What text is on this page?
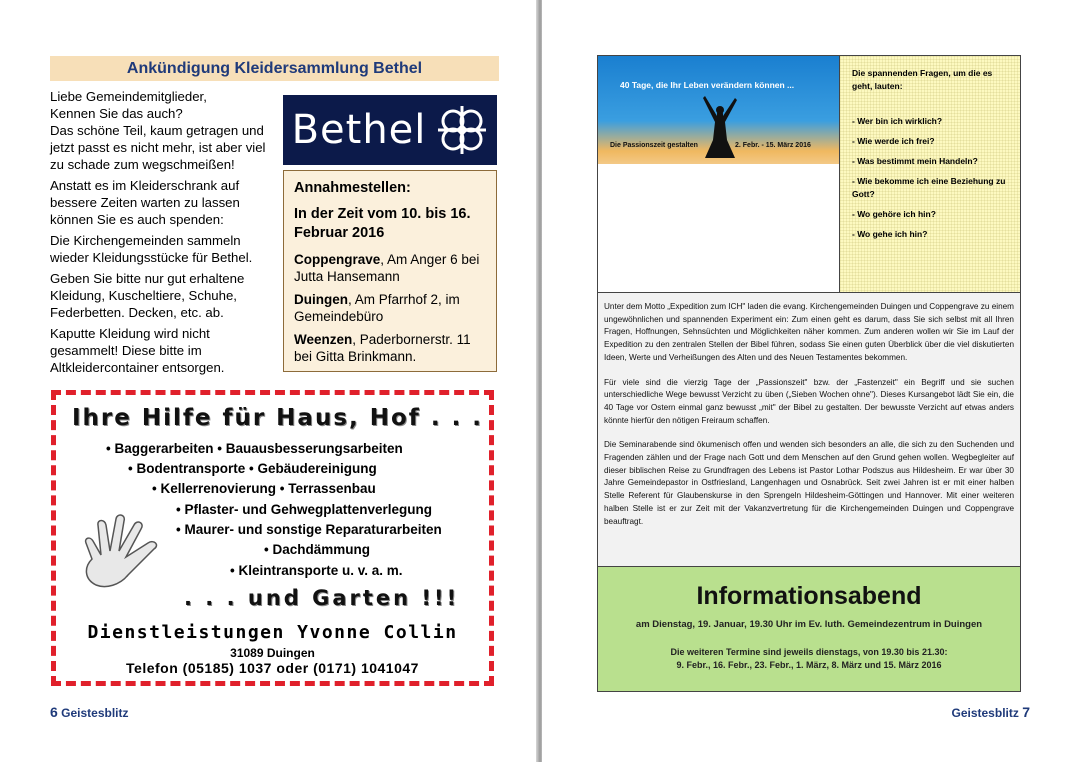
Ankündigung Kleidersammlung Bethel

Liebe Gemeindemitglieder,

Kennen Sie das auch?

Das schöne Teil, kaum getragen und jetzt passt es nicht mehr, ist aber viel zu schade zum wegschmeißen!

Anstatt es im Kleiderschrank auf bessere Zeiten warten zu lassen können Sie es auch spenden:

Die Kirchengemeinden sammeln wieder Kleidungsstücke für Bethel.

Geben Sie bitte nur gut erhaltene Kleidung, Kuscheltiere, Schuhe, Federbetten. Decken, etc. ab.

Kaputte Kleidung wird nicht gesammelt! Diese bitte im Altkleidercontainer entsorgen.

Bethel
Annahmestellen:
In der Zeit vom 10. bis 16. Februar 2016

Coppengrave, Am Anger 6 bei Jutta Hansemann

Duingen, Am Pfarrhof 2, im Gemeindebüro

Weenzen, Paderbornerstr. 11 bei Gitta Brinkmann.

Ihre Hilfe für Haus, Hof . . .
• Baggerarbeiten • Bauausbesserungsarbeiten
• Bodentransporte • Gebäudereinigung
• Kellerrenovierung • Terrassenbau
• Pflaster- und Gehwegplattenverlegung
• Maurer- und sonstige Reparaturarbeiten
• Dachdämmung
• Kleintransporte u. v. a. m.
. . . und Garten !!!
Dienstleistungen Yvonne Collin
31089 Duingen
Telefon (05185) 1037 oder (0171) 1041047
6 Geistesblitz
40 Tage, die Ihr Leben verändern können ...
Die Passionszeit gestalten	2. Febr. - 15. März 2016
Die spannenden Fragen, um die es geht, lauten:
- Wer bin ich wirklich?
- Wie werde ich frei?
- Was bestimmt mein Handeln?
- Wie bekomme ich eine Beziehung zu Gott?
- Wo gehöre ich hin?
- Wo gehe ich hin?

Unter dem Motto „Expedition zum ICH" laden die evang. Kirchengemeinden Duingen und Coppengrave zu einem ungewöhnlichen und spannenden Experiment ein: Zum einen geht es darum, dass Sie sich selbst mit all Ihren Fragen, Hoffnungen, Sehnsüchten und Möglichkeiten näher kommen. Zum anderen wollen wir Sie im Lauf der Expedition zu den zentralen Stellen der Bibel führen, sodass Sie einen guten Überblick über die viel diskutierten Ideen, Werte und Verheißungen des Alten und des Neuen Testamentes bekommen.

Für viele sind die vierzig Tage der „Passionszeit" bzw. der „Fastenzeit" ein Begriff und sie suchen unterschiedliche Wege bewusst Verzicht zu üben („Sieben Wochen ohne"). Dieses Kursangebot lädt Sie ein, die 40 Tage vor Ostern einmal ganz bewusst „mit" der Bibel zu gestalten. Der bewusste Verzicht auf etwas anders könnte hierfür den nötigen Freiraum schaffen.

Die Seminarabende sind ökumenisch offen und wenden sich besonders an alle, die sich zu den Suchenden und Fragenden zählen und der Frage nach Gott und dem Menschen auf den Grund gehen wollen. Wegbegleiter auf dieser biblischen Reise zu Grundfragen des Lebens ist Pastor Lothar Podszus aus Hildesheim. Er war über 30 Jahre Gemeindepastor in Ostfriesland, Langenhagen und Osnabrück. Seit zwei Jahren ist er mit einer halben Stelle Referent für Glaubenskurse in den Sprengeln Hildesheim-Göttingen und Hannover. Mit einer weiteren halben Stelle ist er zur Zeit mit der Vakanzvertretung für die Kirchengemeinden Duingen und Coppengrave beauftragt.

Informationsabend
am Dienstag, 19. Januar, 19.30 Uhr im Ev. luth. Gemeindezentrum in Duingen
Die weiteren Termine sind jeweils dienstags, von 19.30 bis 21.30:
9. Febr., 16. Febr., 23. Febr., 1. März, 8. März und 15. März 2016
Geistesblitz 7
